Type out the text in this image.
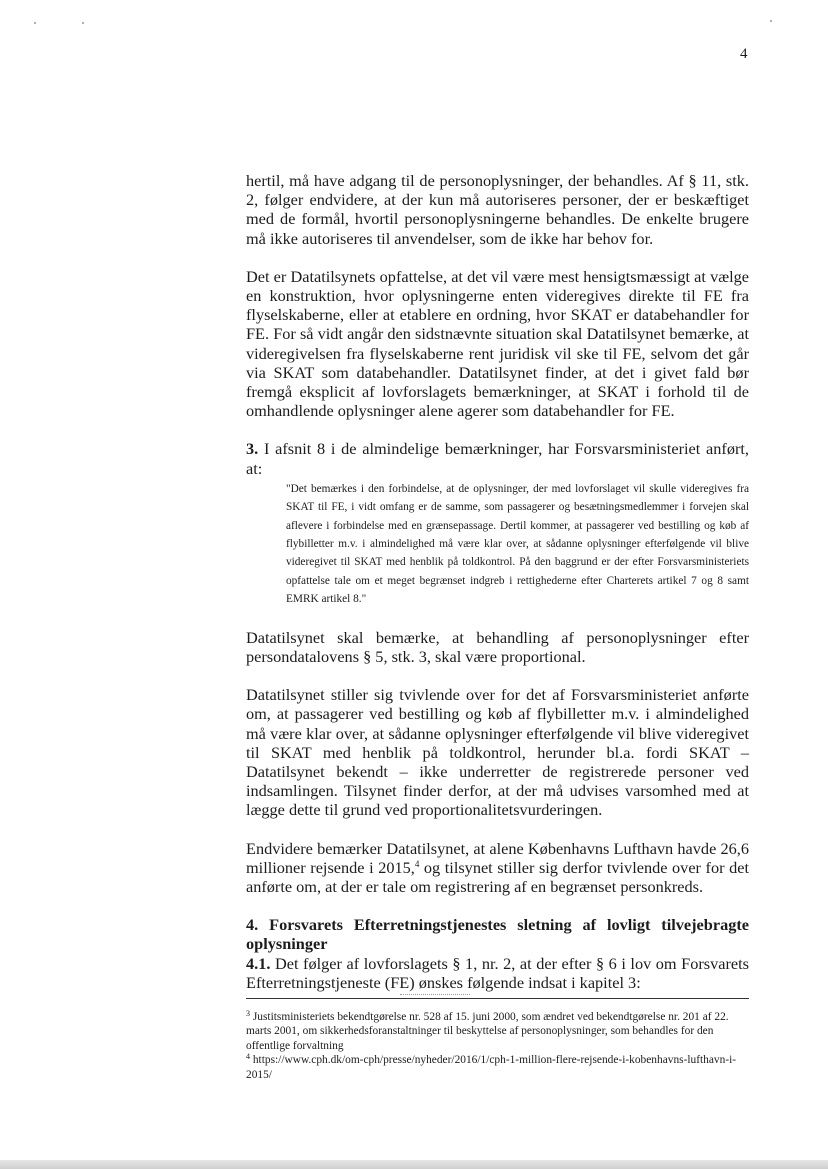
4

hertil, må have adgang til de personoplysninger, der behandles. Af § 11, stk. 2, følger endvidere, at der kun må autoriseres personer, der er beskæftiget med de formål, hvortil personoplysningerne behandles. De enkelte brugere må ikke autoriseres til anvendelser, som de ikke har behov for.

Det er Datatilsynets opfattelse, at det vil være mest hensigtsmæssigt at vælge en konstruktion, hvor oplysningerne enten videregives direkte til FE fra flyselskaberne, eller at etablere en ordning, hvor SKAT er databehandler for FE. For så vidt angår den sidstnævnte situation skal Datatilsynet bemærke, at videregivelsen fra flyselskaberne rent juridisk vil ske til FE, selvom det går via SKAT som databehandler. Datatilsynet finder, at det i givet fald bør fremgå eksplicit af lovforslagets bemærkninger, at SKAT i forhold til de omhandlende oplysninger alene agerer som databehandler for FE.

3. I afsnit 8 i de almindelige bemærkninger, har Forsvarsministeriet anført, at:

"Det bemærkes i den forbindelse, at de oplysninger, der med lovforslaget vil skulle videregives fra SKAT til FE, i vidt omfang er de samme, som passagerer og besætningsmedlemmer i forvejen skal aflevere i forbindelse med en grænsepassage. Dertil kommer, at passagerer ved bestilling og køb af flybilletter m.v. i almindelighed må være klar over, at sådanne oplysninger efterfølgende vil blive videregivet til SKAT med henblik på toldkontrol. På den baggrund er der efter Forsvarsministeriets opfattelse tale om et meget begrænset indgreb i rettighederne efter Charterets artikel 7 og 8 samt EMRK artikel 8."

Datatilsynet skal bemærke, at behandling af personoplysninger efter persondatalovens § 5, stk. 3, skal være proportional.

Datatilsynet stiller sig tvivlende over for det af Forsvarsministeriet anførte om, at passagerer ved bestilling og køb af flybilletter m.v. i almindelighed må være klar over, at sådanne oplysninger efterfølgende vil blive videregivet til SKAT med henblik på toldkontrol, herunder bl.a. fordi SKAT – Datatilsynet bekendt – ikke underretter de registrerede personer ved indsamlingen. Tilsynet finder derfor, at der må udvises varsomhed med at lægge dette til grund ved proportionalitetsvurderingen.

Endvidere bemærker Datatilsynet, at alene Københavns Lufthavn havde 26,6 millioner rejsende i 2015,$^4$ og tilsynet stiller sig derfor tvivlende over for det anførte om, at der er tale om registrering af en begrænset personkreds.

4. Forsvarets Efterretningstjenestes sletning af lovligt tilvejebragte oplysninger

4.1. Det følger af lovforslagets § 1, nr. 2, at der efter § 6 i lov om Forsvarets Efterretningstjeneste (FE) ønskes følgende indsat i kapitel 3:

$^3$ Justitsministeriets bekendtgørelse nr. 528 af 15. juni 2000, som ændret ved bekendtgørelse nr. 201 af 22. marts 2001, om sikkerhedsforanstaltninger til beskyttelse af personoplysninger, som behandles for den offentlige forvaltning

$^4$ https://www.cph.dk/om-cph/presse/nyheder/2016/1/cph-1-million-flere-rejsende-i-kobenhavns-lufthavn-i-2015/
